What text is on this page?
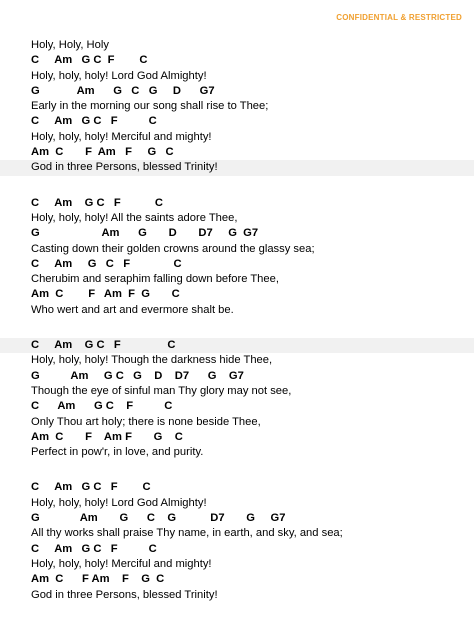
CONFIDENTIAL & RESTRICTED
Holy, Holy, Holy
C     Am   G C  F        C
Holy, holy, holy! Lord God Almighty!
G            Am      G   C   G     D      G7
Early in the morning our song shall rise to Thee;
C     Am   G C   F          C
Holy, holy, holy! Merciful and mighty!
Am  C       F  Am   F     G   C
God in three Persons, blessed Trinity!
C     Am    G C   F           C
Holy, holy, holy! All the saints adore Thee,
G                    Am      G       D       D7     G  G7
Casting down their golden crowns around the glassy sea;
C     Am     G   C   F              C
Cherubim and seraphim falling down before Thee,
Am  C        F   Am  F  G       C
Who wert and art and evermore shalt be.
C     Am    G C   F               C
Holy, holy, holy! Though the darkness hide Thee,
G          Am     G C   G    D    D7      G    G7
Though the eye of sinful man Thy glory may not see,
C      Am      G C    F          C
Only Thou art holy; there is none beside Thee,
Am  C       F    Am F       G    C
Perfect in pow'r, in love, and purity.
C     Am   G C   F        C
Holy, holy, holy! Lord God Almighty!
G             Am       G      C    G           D7       G     G7
All thy works shall praise Thy name, in earth, and sky, and sea;
C     Am   G C   F          C
Holy, holy, holy! Merciful and mighty!
Am  C      F Am    F    G  C
God in three Persons, blessed Trinity!
